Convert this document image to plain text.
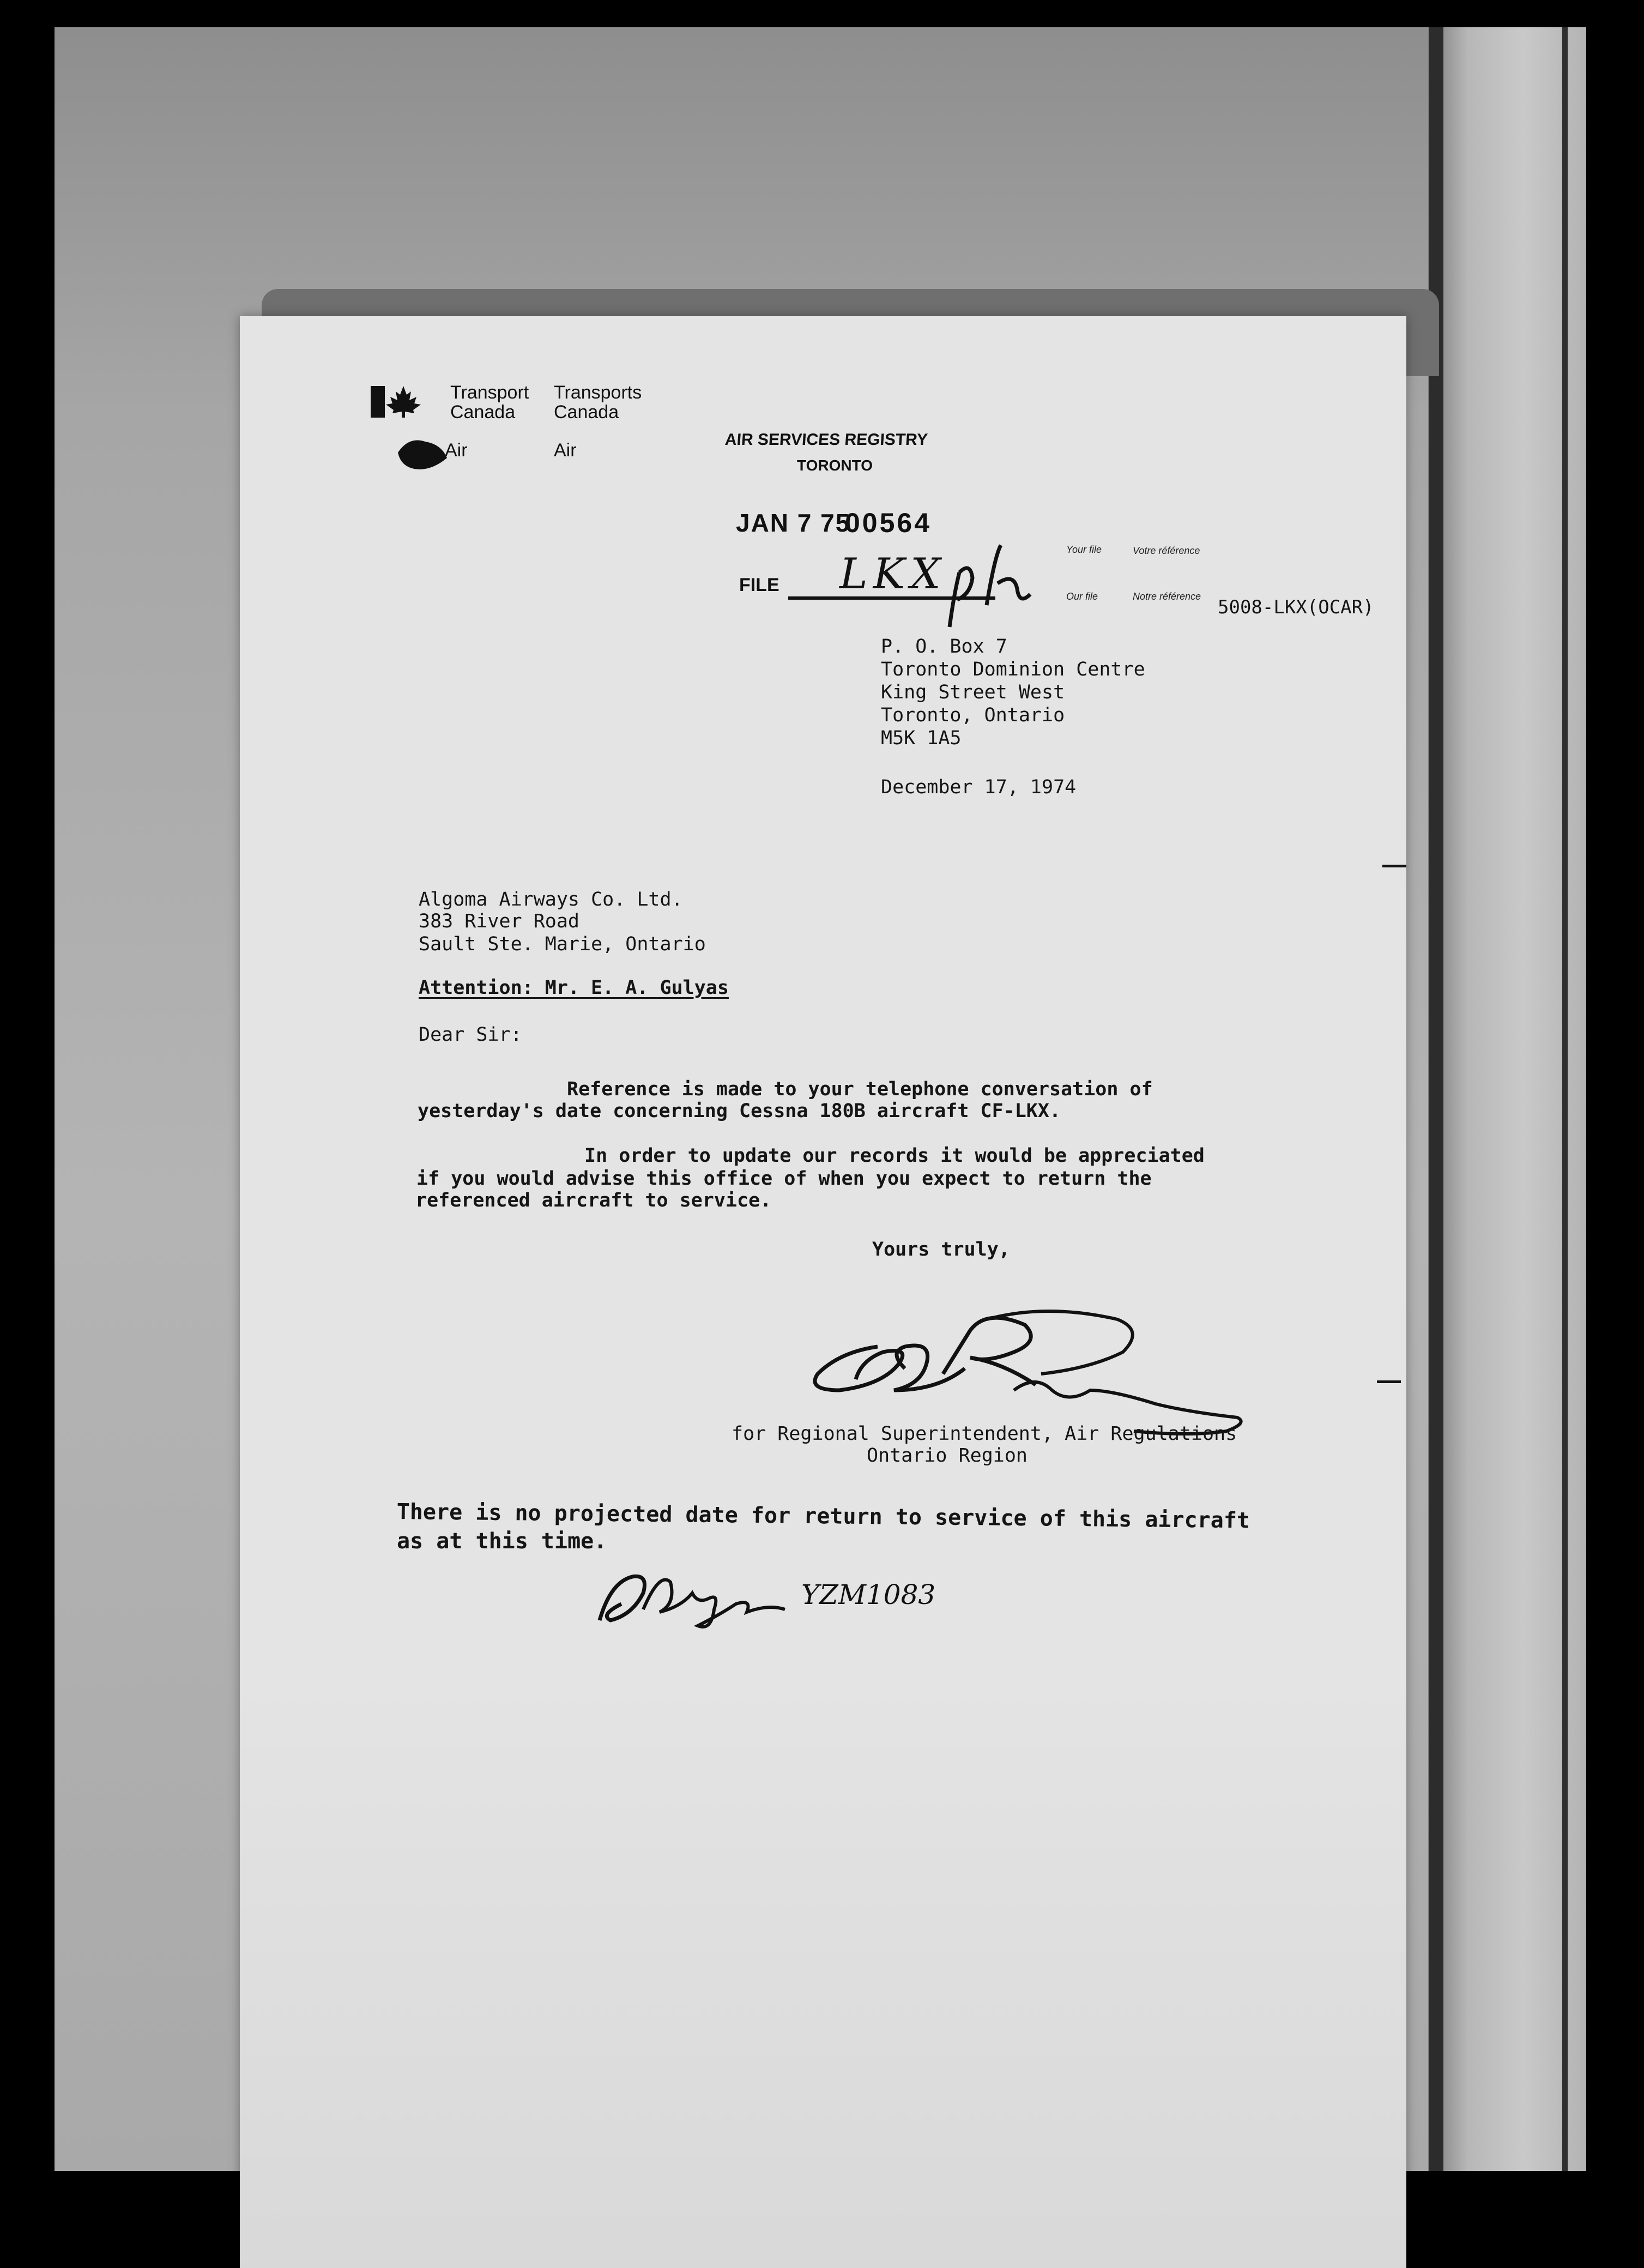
Transport
Canada
Transports
Canada
Air	Air
AIR SERVICES REGISTRY
TORONTO
JAN 7 75
00564
FILE LKX	Your file	Votre référence
Our file	Notre référence 5008-LKX(OCAR)
P. O. Box 7
Toronto Dominion Centre
King Street West
Toronto, Ontario
M5K 1A5
December 17, 1974
Algoma Airways Co. Ltd.
383 River Road
Sault Ste. Marie, Ontario
Attention: Mr. E. A. Gulyas
Dear Sir:
Reference is made to your telephone conversation of
yesterday's date concerning Cessna 180B aircraft CF-LKX.
In order to update our records it would be appreciated
if you would advise this office of when you expect to return the
referenced aircraft to service.
Yours truly,
for Regional Superintendent, Air Regulations
Ontario Region
There is no projected date for return to service of this aircraft
as at this time.
YZM1083
